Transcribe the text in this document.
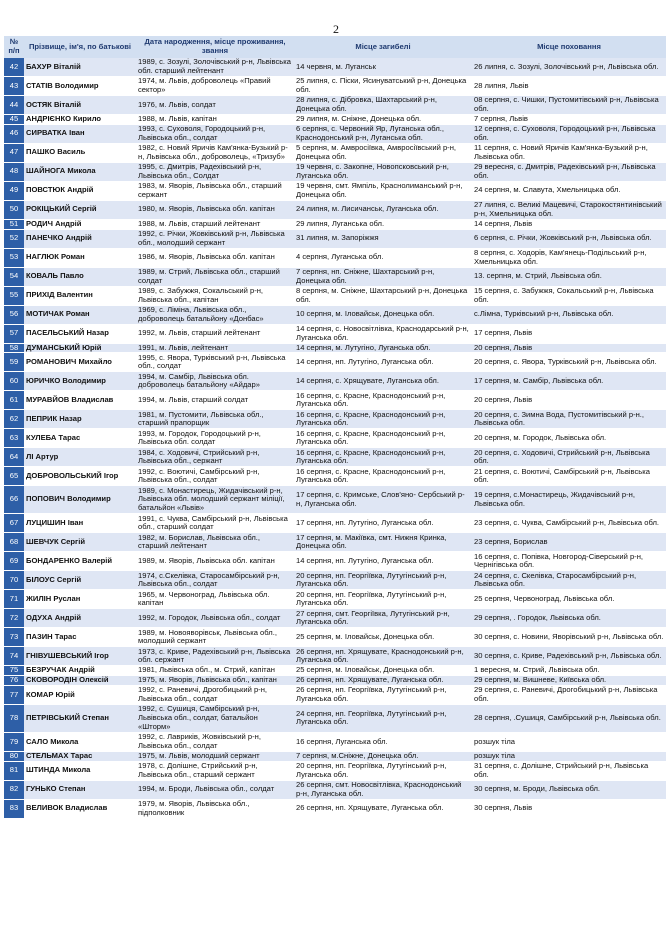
2
№ п/п	Прізвище, ім'я, по батькові	Дата народження, місце проживання, звання	Місце загибелі	Місце поховання
42	БАХУР Віталій	1989, с. Зозулі, Золочівський р-н, Львівська обл. старший лейтенант	14 червня, м. Луганськ	26 липня, с. Зозулі, Золочівський р-н, Львівська обл.
43	СТАТІВ Володимир	1974, м. Львів, доброволець «Правий сектор»	25 липня, с. Піски, Ясинуватський р-н, Донецька обл.	28 липня, Львів
44	ОСТЯК Віталій	1976, м. Львів, солдат	28 липня, с. Дібровка, Шахтарський р-н, Донецька обл.	08 серпня, с. Чишки, Пустомитівський р-н, Львівська обл.
45	АНДРІЄНКО Кирило	1988, м. Львів, капітан	29 липня, м. Сніжне, Донецька обл.	7 серпня, Львів
46	СИРВАТКА Іван	1993, с. Суховоля, Городоцький р-н, Львівська обл., солдат	6 серпня, с. Червоний Яр, Луганська обл., Краснодонський р-н, Луганська обл.	12 серпня, с. Суховоля, Городоцький р-н, Львівська обл.
47	ПАШКО Василь	1982, с. Новий Яричів Кам'янка-Бузький р-н, Львівська обл., доброволець, «Тризуб»	5 серпня, м. Амвросіївка, Амвросіївський р-н, Донецька обл.	11 серпня, с. Новий Яричів Кам'янка-Бузький р-н, Львівська обл.
48	ШАЙНОГА Микола	1995, с. Дмитрів, Радехівський р-н, Львівська обл., Солдат	19 червня, с. Закопне, Новопсковський р-н, Луганська обл.	29 вересня, с. Дмитрів, Радехівський р-н, Львівська обл.
49	ПОВСТЮК Андрій	1983, м. Яворів, Львівська обл., старший сержант	19 червня, смт. Ямпіль, Краснолиманський р-н, Донецька обл.	24 серпня, м. Славута, Хмельницька обл.
50	РОКІЦЬКИЙ Сергій	1980, м. Яворів, Львівська обл. капітан	24 липня, м. Лисичанськ, Луганська обл.	27 липня, с. Великі Мацевичі, Старокостянтинівський р-н, Хмельницька обл.
51	РОДИЧ Андрій	1988, м. Львів, старший лейтенант	29 липня, Луганська обл.	14 серпня, Львів
52	ПАНЕЧКО Андрій	1992, с. Річки, Жовківський р-н, Львівська обл., молодший сержант	31 липня, м. Запоріжжя	6 серпня, с. Річки, Жовківський р-н, Львівська обл.
53	НАГЛЮК Роман	1986, м. Яворів, Львівська обл. капітан	4 серпня, Луганська обл.	8 серпня, с. Ходорів, Кам'янець-Подільський р-н, Хмельницька обл.
54	КОВАЛЬ Павло	1989, м. Стрий, Львівська обл., старший солдат	7 серпня, нп. Сніжне, Шахтарський р-н, Донецька обл.	13. серпня, м. Стрий, Львівська обл.
55	ПРИХІД Валентин	1989, с. Забужжя, Сокальський р-н, Львівська обл., капітан	8 серпня, м. Сніжне, Шахтарський р-н, Донецька обл.	15 серпня, с. Забужжя, Сокальський р-н, Львівська обл.
56	МОТИЧАК Роман	1969, с. Ліміна, Львівська обл., доброволець батальйону «Донбас»	10 серпня, м. Іловайськ, Донецька обл.	с.Лімна, Турківський р-н, Львівська обл.
57	ПАСЕЛЬСЬКИЙ Назар	1992, м. Львів, старший лейтенант	14 серпня, с. Новосвітлівка, Краснодарський р-н, Луганська обл.	17 серпня, Львів
58	ДУМАНСЬКИЙ Юрій	1991, м. Львів, лейтенант	14 серпня, м. Лутугіно, Луганська обл.	20 серпня, Львів
59	РОМАНОВИЧ Михайло	1995, с. Явора, Турківський р-н, Львівська обл., солдат	14 серпня, нп. Лутугіно, Луганська обл.	20 серпня, с. Явора, Турківський р-н, Львівська обл.
60	ЮРИЧКО Володимир	1994, м. Самбір, Львівська обл. доброволець батальйону «Айдар»	14 серпня, с. Хрящувате, Луганська обл.	17 серпня, м. Самбір, Львівська обл.
61	МУРАВЙОВ Владислав	1994, м. Львів, старший солдат	16 серпня, с. Красне, Краснодонський р-н, Луганська обл.	20 серпня, Львів
62	ПЕПРИК Назар	1981, м. Пустомити, Львівська обл., старший прапорщик	16 серпня, с. Красне, Краснодонський р-н, Луганська обл.	20 серпня, с. Зимна Вода, Пустомитівський р-н., Львівська обл.
63	КУЛЕБА Тарас	1993, м. Городок, Городоцький р-н, Львівська обл. солдат	16 серпня, с. Красне, Краснодонський р-н, Луганська обл.	20 серпня, м. Городок, Львівська обл.
64	ЛІ Артур	1984, с. Ходовичі, Стрийський р-н, Львівська обл., сержант	16 серпня, с. Красне, Краснодонський р-н, Луганська обл.	20 серпня, с. Ходовичі, Стрийський р-н, Львівська обл.
65	ДОБРОВОЛЬСЬКИЙ Ігор	1992, с. Воютичі, Самбірський р-н, Львівська обл., солдат	16 серпня, с. Красне, Краснодонський р-н, Луганська обл.	21 серпня, с. Воютичі, Самбірський р-н, Львівська обл.
66	ПОПОВИЧ Володимир	1989, с. Монастирець, Жидачівський р-н, Львівська обл. молодший сержант міліції, батальйон «Львів»	17 серпня, с. Кримське, Слов'яно- Сербський р-н, Луганська обл.	19 серпня, с.Монастирець, Жидачівський р-н, Львівська обл.
67	ЛУЦИШИН Іван	1991, с. Чуква, Самбірський р-н, Львівська обл., старший солдат	17 серпня, нп. Лутугіно, Луганська обл.	23 серпня, с. Чуква, Самбірський р-н, Львівська обл.
68	ШЕВЧУК Сергій	1982, м. Борислав, Львівська обл., старший лейтенант	17 серпня, м. Макіївка, смт. Нижня Кринка, Донецька обл.	23 серпня, Борислав
69	БОНДАРЕНКО Валерій	1989, м. Яворів, Львівська обл. капітан	14 серпня, нп. Лутугіно, Луганська обл.	16 серпня, с. Попівка, Новгород-Сіверський р-н, Чернігівська обл.
70	БІЛОУС Сергій	1974, с.Скелівка, Старосамбірський р-н, Львівська обл., солдат	20 серпня, нп. Георгіївка, Лутугінський р-н, Луганська обл.	24 серпня, с. Скелівка, Старосамбірський р-н, Львівська обл.
71	ЖИЛІН Руслан	1965, м. Червоноград, Львівська обл. капітан	20 серпня, нп. Георгіївка, Лутугінський р-н, Луганська обл.	25 серпня, Червоноград, Львівська обл.
72	ОДУХА Андрій	1992, м. Городок, Львівська обл., солдат	27 серпня, смт. Георгіївка, Лутугінський р-н, Луганська обл.	29 серпня, . Городок, Львівська обл.
73	ПАЗИН Тарас	1989, м. Новояворівськ, Львівська обл., молодший сержант	25 серпня, м. Іловайськ, Донецька обл.	30 серпня, с. Новини, Яворівський р-н, Львівська обл.
74	ГНІВУШЕВСЬКИЙ Ігор	1973, с. Криве, Радехівський р-н, Львівська обл. сержант	26 серпня, нп. Хрящувате, Краснодонський р-н, Луганська обл.	30 серпня, с. Криве, Радехівський р-н, Львівська обл.
75	БЕЗРУЧАК Андрій	1981, Львівська обл., м. Стрий, капітан	25 серпня, м. Іловайськ, Донецька обл.	1 вересня, м. Стрий, Львівська обл.
76	СКОВОРОДІН Олексій	1975, м. Яворів, Львівська обл., капітан	26 серпня, нп. Хрящувате, Луганська обл.	29 серпня, м. Вишневе, Київська обл.
77	КОМАР Юрій	1992, с. Раневичі, Дрогобицький р-н, Львівська обл., солдат	26 серпня, нп. Георгіївка, Лутугінський р-н, Луганська обл.	29 серпня, с. Раневичі, Дрогобицький р-н, Львівська обл.
78	ПЕТРІВСЬКИЙ Степан	1992, с. Сушиця, Самбірський р-н, Львівська обл., солдат, батальйон «Шторм»	24 серпня, нп. Георгіївка, Лутугінський р-н, Луганська обл.	28 серпня, .Сушиця, Самбірський р-н, Львівська обл.
79	САЛО Микола	1992, с. Лавриків, Жовківський р-н, Львівська обл., солдат	16 серпня, Луганська обл.	розшук тіла
80	СТЕЛЬМАХ Тарас	1975, м. Львів, молодший сержант	7 серпня, м.Сніжне, Донецька обл.	розшук тіла
81	ШТИНДА Микола	1978, с. Долішне, Стрийський р-н, Львівська обл., старший сержант	20 серпня, нп. Георгіївка, Лутугінський р-н, Луганська обл.	31 серпня, с. Долішне, Стрийський р-н, Львівська обл.
82	ГУНЬКО Степан	1994, м. Броди, Львівська обл., солдат	26 серпня, смт. Новосвітлівка, Краснодонський р-н, Луганська обл.	30 серпня, м. Броди, Львівська обл.
83	ВЕЛИВОК Владислав	1979, м. Яворів, Львівська обл., підполковник	26 серпня, нп. Хрящувате, Луганська обл.	30 серпня, Львів
